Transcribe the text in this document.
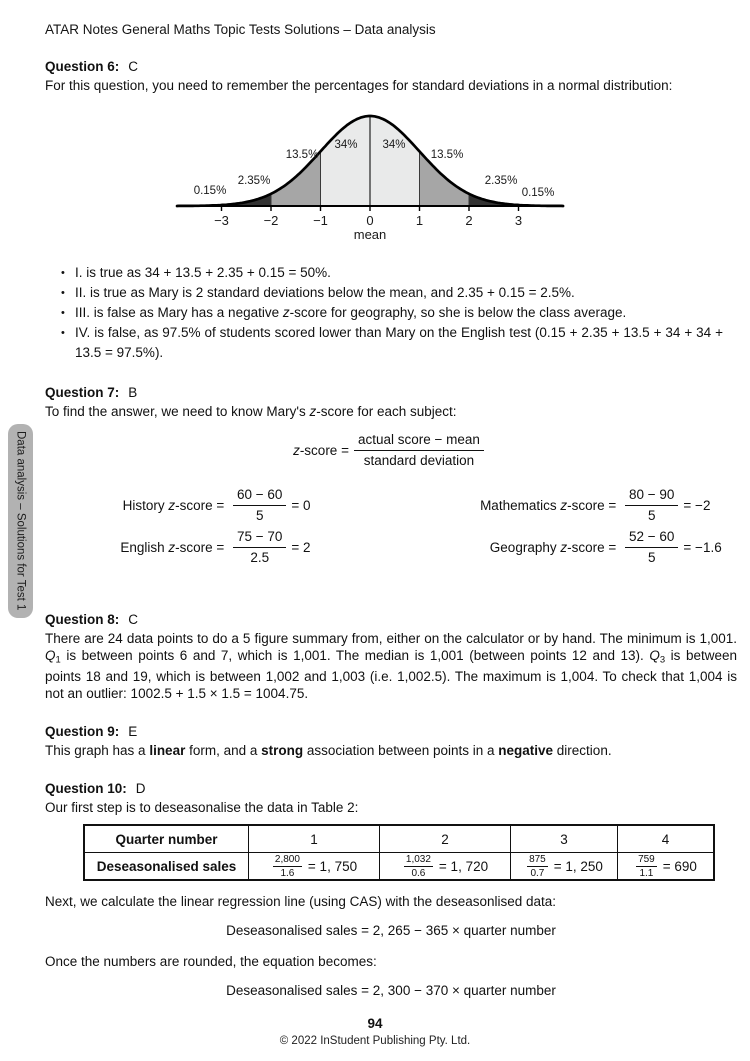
Data analysis – Solutions for Test 1
ATAR Notes General Maths Topic Tests Solutions – Data analysis
Question 6: C
For this question, you need to remember the percentages for standard deviations in a normal distribution:
−3	−2	−1	0	1	2	3
mean
0.15%
2.35%
13.5%
34% 34%
13.5%
2.35%
0.15%
• I. is true as 34 + 13.5 + 2.35 + 0.15 = 50%.
• II. is true as Mary is 2 standard deviations below the mean, and 2.35 + 0.15 = 2.5%.
• III. is false as Mary has a negative z-score for geography, so she is below the class average.
• IV. is false, as 97.5% of students scored lower than Mary on the English test (0.15 + 2.35 + 13.5 + 34 + 34 + 13.5 = 97.5%).
Question 7: B
To find the answer, we need to know Mary's z-score for each subject:
z-score = $\frac{\text{actual score − mean}}{\text{standard deviation}}$
History z-score = $\frac{60 - 60}{5} = 0$
English z-score = $\frac{75 - 70}{2.5} = 2$
Mathematics z-score = $\frac{80 - 90}{5} = -2$
Geography z-score = $\frac{52 - 60}{5} = -1.6$
Question 8: C
There are 24 data points to do a 5 figure summary from, either on the calculator or by hand. The minimum is 1,001. $Q_1$ is between points 6 and 7, which is 1,001. The median is 1,001 (between points 12 and 13). $Q_3$ is between points 18 and 19, which is between 1,002 and 1,003 (i.e. 1,002.5). The maximum is 1,004. To check that 1,004 is not an outlier: 1002.5 + 1.5 × 1.5 = 1004.75.
Question 9: E
This graph has a linear form, and a strong association between points in a negative direction.
Question 10: D
Our first step is to deseasonalise the data in Table 2:
Quarter number	1	2	3	4
Deseasonalised sales	$\frac{2,800}{1.6} = 1$, 750	$\frac{1,032}{0.6} = 1$, 720	$\frac{875}{0.7} = 1$, 250	$\frac{759}{1.1} = 690$
Next, we calculate the linear regression line (using CAS) with the deseasonlised data:
Deseasonalised sales = 2, 265 − 365 × quarter number
Once the numbers are rounded, the equation becomes:
Deseasonalised sales = 2, 300 − 370 × quarter number
94
© 2022 InStudent Publishing Pty. Ltd.
